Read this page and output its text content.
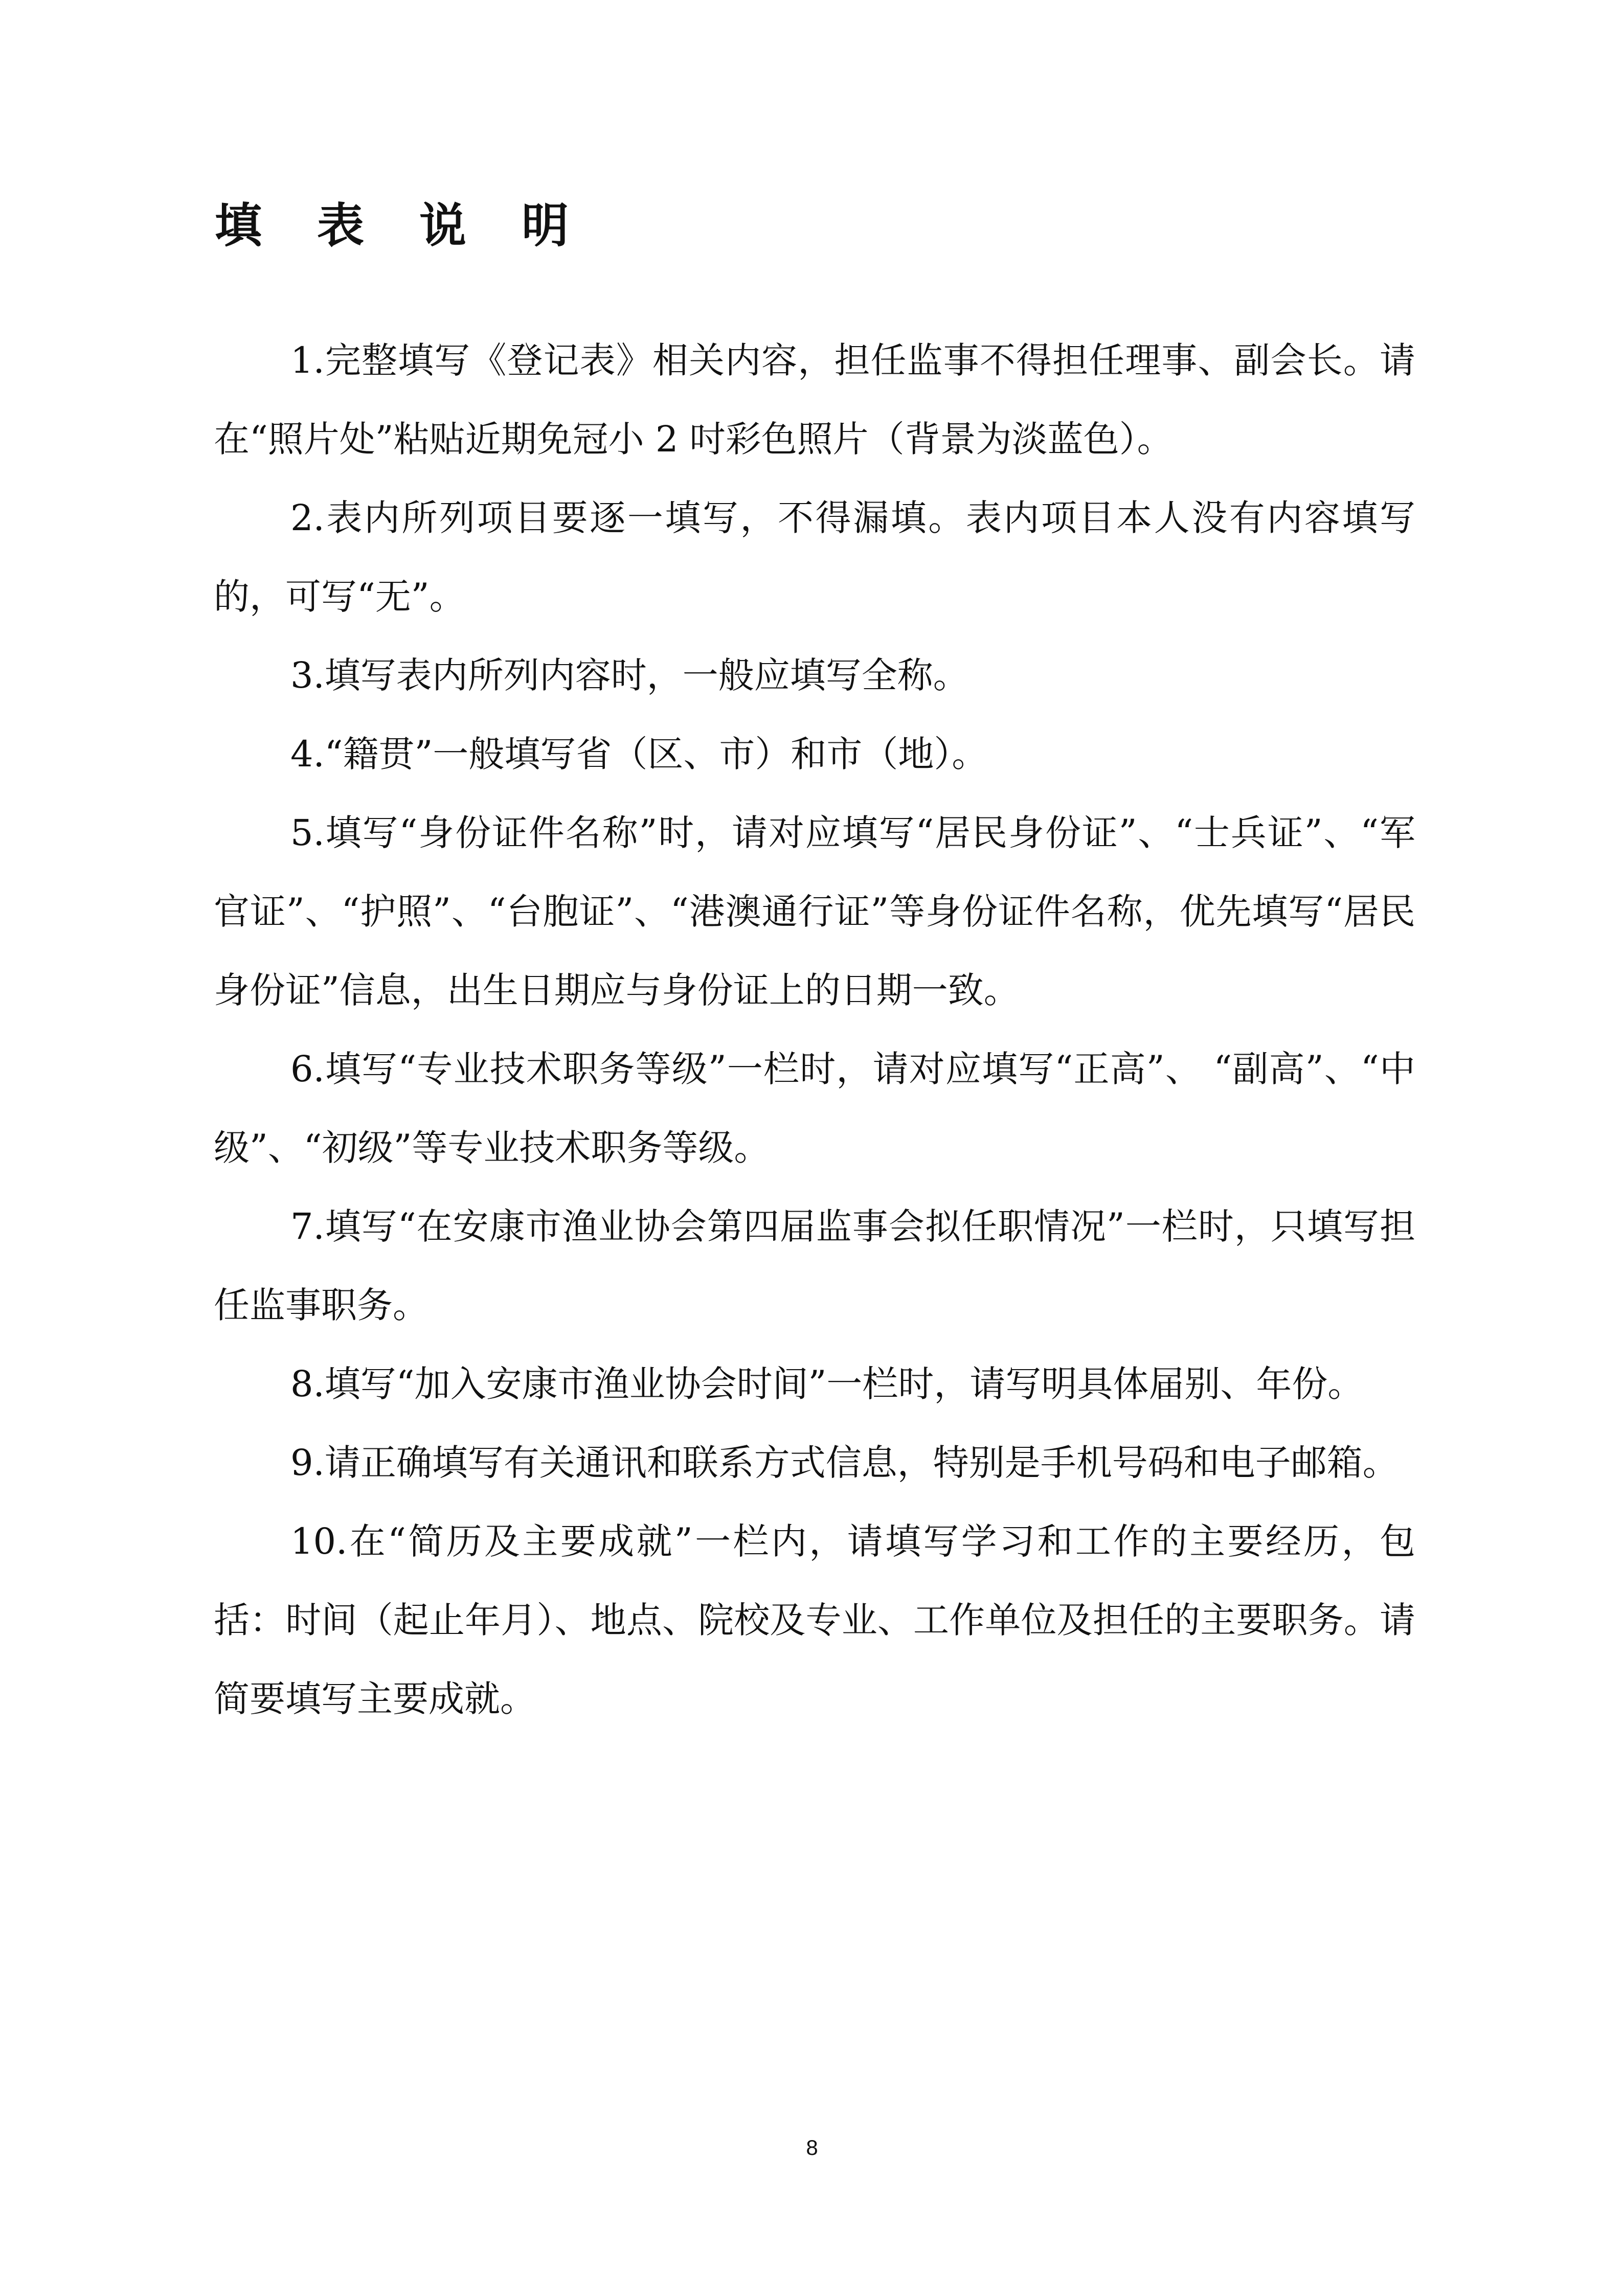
填 表 说 明

1.完整填写《登记表》相关内容，担任监事不得担任理事、副会长。请在“照片处”粘贴近期免冠小 2 吋彩色照片（背景为淡蓝色）。

2.表内所列项目要逐一填写，不得漏填。表内项目本人没有内容填写的，可写“无”。

3.填写表内所列内容时，一般应填写全称。

4.“籍贯”一般填写省（区、市）和市（地）。

5.填写“身份证件名称”时，请对应填写“居民身份证”、“士兵证”、“军官证”、“护照”、“台胞证”、“港澳通行证”等身份证件名称，优先填写“居民身份证”信息，出生日期应与身份证上的日期一致。

6.填写“专业技术职务等级”一栏时，请对应填写“正高”、 “副高”、“中级”、“初级”等专业技术职务等级。

7.填写“在安康市渔业协会第四届监事会拟任职情况”一栏时，只填写担任监事职务。

8.填写“加入安康市渔业协会时间”一栏时，请写明具体届别、年份。

9.请正确填写有关通讯和联系方式信息，特别是手机号码和电子邮箱。

10.在“简历及主要成就”一栏内，请填写学习和工作的主要经历，包括：时间（起止年月）、地点、院校及专业、工作单位及担任的主要职务。请简要填写主要成就。

8
